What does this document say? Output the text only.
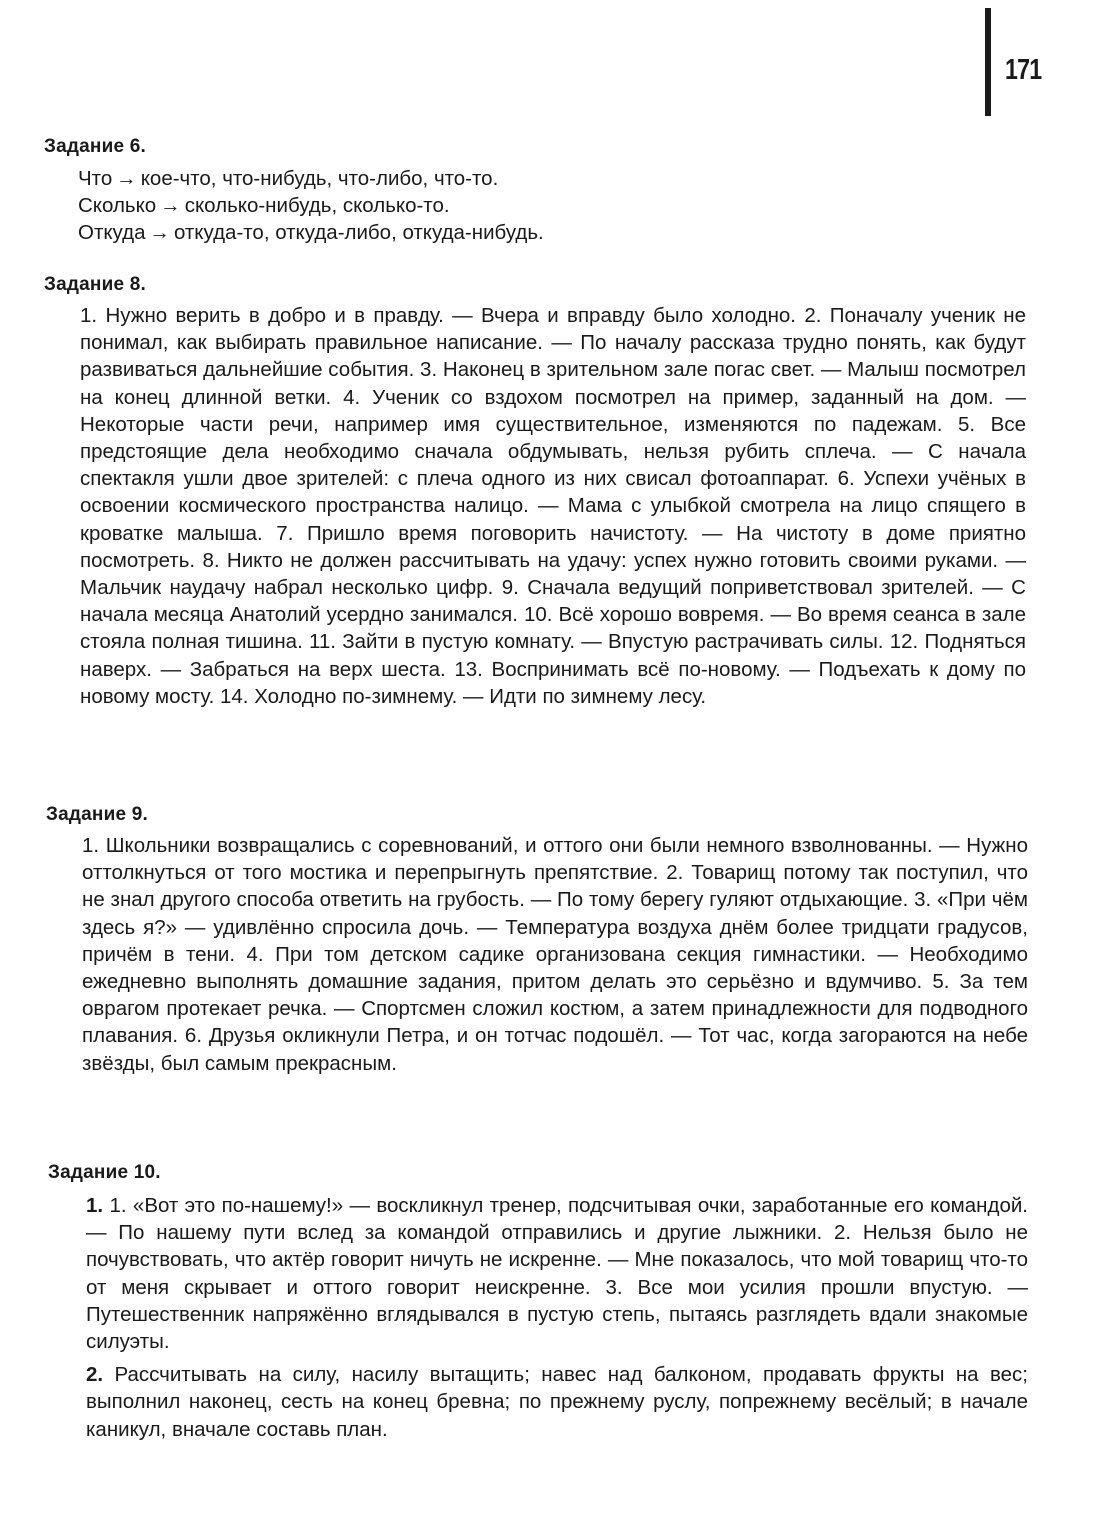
171
Задание 6.
Что → кое-что, что-нибудь, что-либо, что-то.
Сколько → сколько-нибудь, сколько-то.
Откуда → откуда-то, откуда-либо, откуда-нибудь.
Задание 8.

1. Нужно верить в добро и в правду. — Вчера и вправду было холодно. 2. Поначалу ученик не понимал, как выбирать правильное написание. — По началу рассказа трудно понять, как будут развиваться дальнейшие события. 3. Наконец в зрительном зале погас свет. — Малыш посмотрел на конец длинной ветки. 4. Ученик со вздохом посмотрел на пример, заданный на дом. — Некоторые части речи, например имя существительное, изменяются по падежам. 5. Все предстоящие дела необходимо сначала обдумывать, нельзя рубить сплеча. — С начала спектакля ушли двое зрителей: с плеча одного из них свисал фотоаппарат. 6. Успехи учёных в освоении космического пространства налицо. — Мама с улыбкой смотрела на лицо спящего в кроватке малыша. 7. Пришло время поговорить начистоту. — На чистоту в доме приятно посмотреть. 8. Никто не должен рассчитывать на удачу: успех нужно готовить своими руками. — Мальчик наудачу набрал несколько цифр. 9. Сначала ведущий поприветствовал зрителей. — С начала месяца Анатолий усердно занимался. 10. Всё хорошо вовремя. — Во время сеанса в зале стояла полная тишина. 11. Зайти в пустую комнату. — Впустую растрачивать силы. 12. Подняться наверх. — Забраться на верх шеста. 13. Воспринимать всё по-новому. — Подъехать к дому по новому мосту. 14. Холодно по-зимнему. — Идти по зимнему лесу.

Задание 9.

1. Школьники возвращались с соревнований, и оттого они были немного взволнованны. — Нужно оттолкнуться от того мостика и перепрыгнуть препятствие. 2. Товарищ потому так поступил, что не знал другого способа ответить на грубость. — По тому берегу гуляют отдыхающие. 3. «При чём здесь я?» — удивлённо спросила дочь. — Температура воздуха днём более тридцати градусов, причём в тени. 4. При том детском садике организована секция гимнастики. — Необходимо ежедневно выполнять домашние задания, притом делать это серьёзно и вдумчиво. 5. За тем оврагом протекает речка. — Спортсмен сложил костюм, а затем принадлежности для подводного плавания. 6. Друзья окликнули Петра, и он тотчас подошёл. — Тот час, когда загораются на небе звёзды, был самым прекрасным.

Задание 10.

1. 1. «Вот это по-нашему!» — воскликнул тренер, подсчитывая очки, заработанные его командой. — По нашему пути вслед за командой отправились и другие лыжники. 2. Нельзя было не почувствовать, что актёр говорит ничуть не искренне. — Мне показалось, что мой товарищ что-то от меня скрывает и оттого говорит неискренне. 3. Все мои усилия прошли впустую. — Путешественник напряжённо вглядывался в пустую степь, пытаясь разглядеть вдали знакомые силуэты.

2. Рассчитывать на силу, насилу вытащить; навес над балконом, продавать фрукты на вес; выполнил наконец, сесть на конец бревна; по прежнему руслу, попрежнему весёлый; в начале каникул, вначале составь план.
